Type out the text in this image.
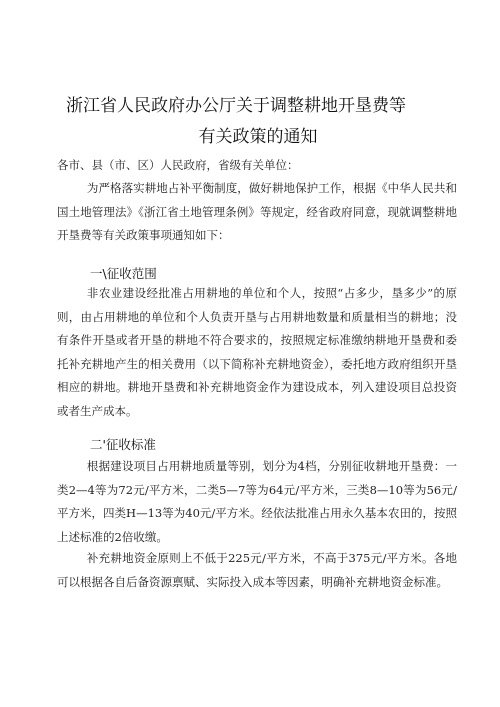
浙江省人民政府办公厅关于调整耕地开垦费等
有关政策的通知
各市、县（市、区）人民政府，省级有关单位：

为严格落实耕地占补平衡制度，做好耕地保护工作，根据《中华人民共和国土地管理法》《浙江省土地管理条例》等规定，经省政府同意，现就调整耕地开垦费等有关政策事项通知如下：

一\征收范围

非农业建设经批准占用耕地的单位和个人，按照“占多少，垦多少”的原则，由占用耕地的单位和个人负责开垦与占用耕地数量和质量相当的耕地；没有条件开垦或者开垦的耕地不符合要求的，按照规定标准缴纳耕地开垦费和委托补充耕地产生的相关费用（以下简称补充耕地资金），委托地方政府组织开垦相应的耕地。耕地开垦费和补充耕地资金作为建设成本，列入建设项目总投资或者生产成本。

二'征收标准

根据建设项目占用耕地质量等别，划分为4档，分别征收耕地开垦费：一类2—4等为72元/平方米，二类5—7等为64元/平方米，三类8—10等为56元/平方米，四类H—13等为40元/平方米。经依法批准占用永久基本农田的，按照上述标准的2倍收缴。

补充耕地资金原则上不低于225元/平方米，不高于375元/平方米。各地可以根据各自后备资源禀赋、实际投入成本等因素，明确补充耕地资金标准。
